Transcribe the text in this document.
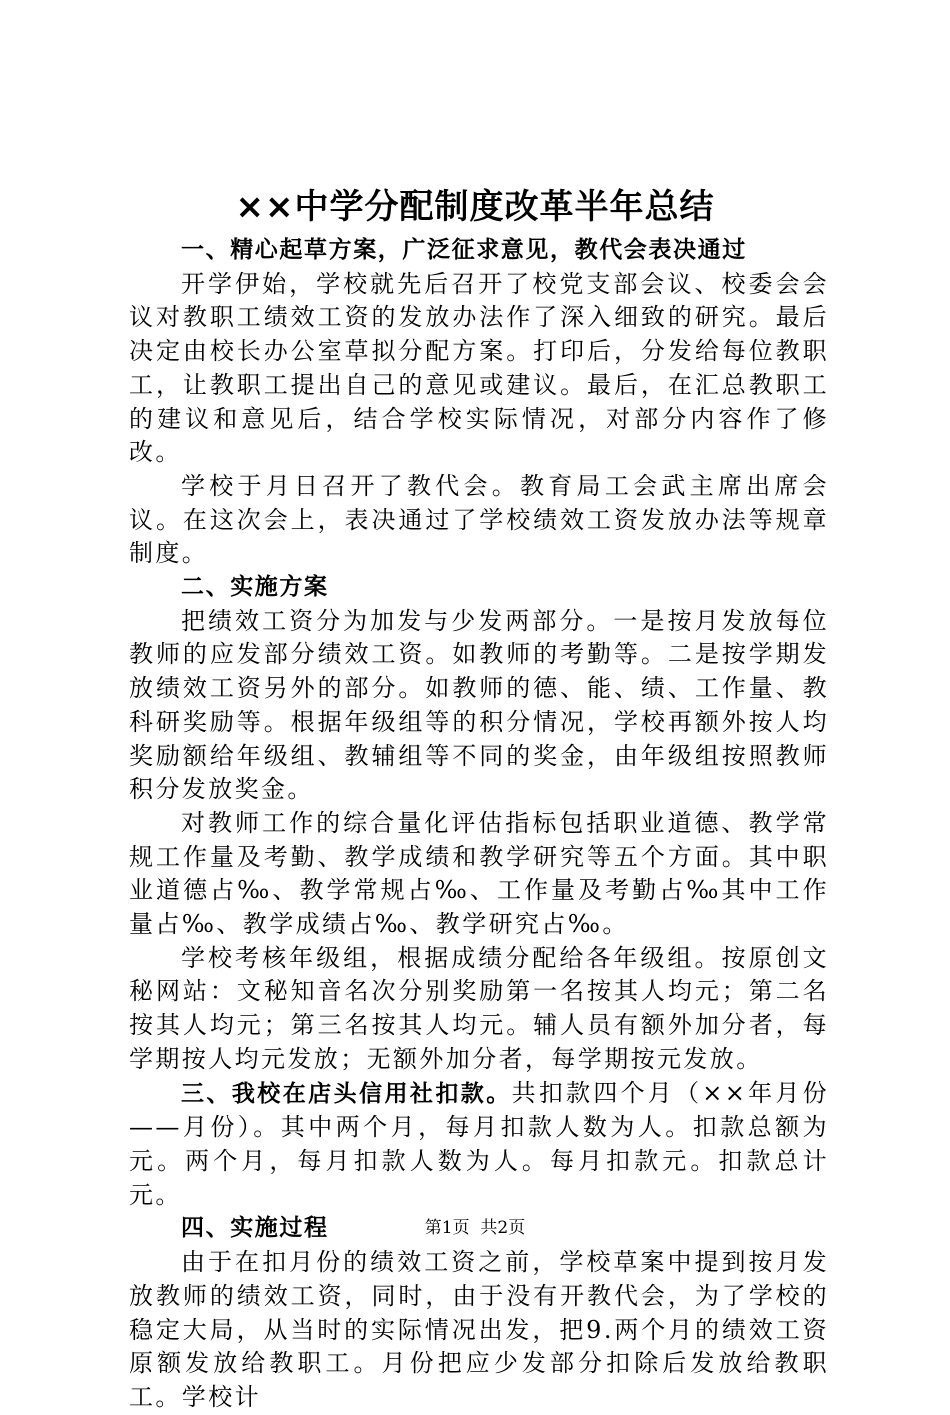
××中学分配制度改革半年总结

一、精心起草方案，广泛征求意见，教代会表决通过

开学伊始，学校就先后召开了校党支部会议、校委会会议对教职工绩效工资的发放办法作了深入细致的研究。最后决定由校长办公室草拟分配方案。打印后，分发给每位教职工，让教职工提出自己的意见或建议。最后，在汇总教职工的建议和意见后，结合学校实际情况，对部分内容作了修改。

学校于月日召开了教代会。教育局工会武主席出席会议。在这次会上，表决通过了学校绩效工资发放办法等规章制度。

二、实施方案

把绩效工资分为加发与少发两部分。一是按月发放每位教师的应发部分绩效工资。如教师的考勤等。二是按学期发放绩效工资另外的部分。如教师的德、能、绩、工作量、教科研奖励等。根据年级组等的积分情况，学校再额外按人均奖励额给年级组、教辅组等不同的奖金，由年级组按照教师积分发放奖金。

对教师工作的综合量化评估指标包括职业道德、教学常规工作量及考勤、教学成绩和教学研究等五个方面。其中职业道德占‰、教学常规占‰、工作量及考勤占‰其中工作量占‰、教学成绩占‰、教学研究占‰。

学校考核年级组，根据成绩分配给各年级组。按原创文秘网站：文秘知音名次分别奖励第一名按其人均元；第二名按其人均元；第三名按其人均元。辅人员有额外加分者，每学期按人均元发放；无额外加分者，每学期按元发放。

三、我校在店头信用社扣款。共扣款四个月（××年月份——月份）。其中两个月，每月扣款人数为人。扣款总额为元。两个月，每月扣款人数为人。每月扣款元。扣款总计元。

四、实施过程

由于在扣月份的绩效工资之前，学校草案中提到按月发放教师的绩效工资，同时，由于没有开教代会，为了学校的稳定大局，从当时的实际情况出发，把9.两个月的绩效工资原额发放给教职工。月份把应少发部分扣除后发放给教职工。学校计

第1页  共2页
